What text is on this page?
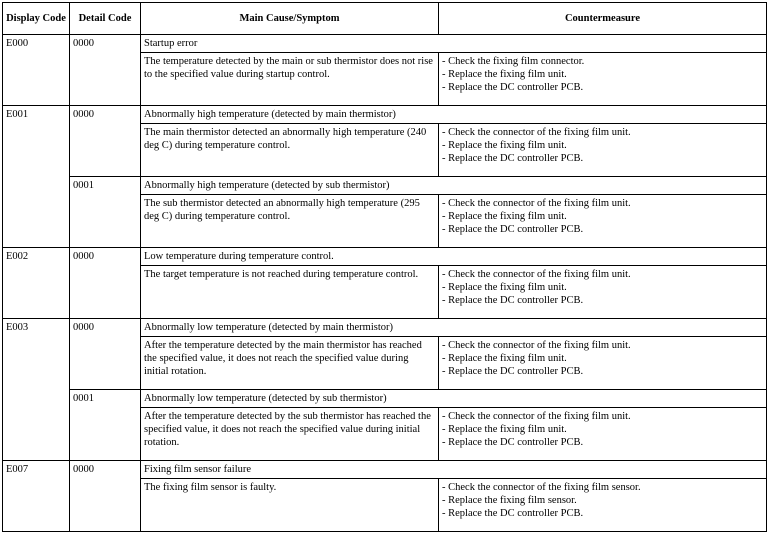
Display Code	Detail Code	Main Cause/Symptom	Countermeasure
E000	0000	Startup error	
		The temperature detected by the main or sub thermistor does not rise to the specified value during startup control.	- Check the fixing film connector.
- Replace the fixing film unit.
- Replace the DC controller PCB.

E001	0000	Abnormally high temperature (detected by main thermistor)	
		The main thermistor detected an abnormally high temperature (240 deg C) during temperature control.	- Check the connector of the fixing film unit.
- Replace the fixing film unit.
- Replace the DC controller PCB.

	0001	Abnormally high temperature (detected by sub thermistor)	
		The sub thermistor detected an abnormally high temperature (295 deg C) during temperature control.	- Check the connector of the fixing film unit.
- Replace the fixing film unit.
- Replace the DC controller PCB.

E002	0000	Low temperature during temperature control.	
		The target temperature is not reached during temperature control.	- Check the connector of the fixing film unit.
- Replace the fixing film unit.
- Replace the DC controller PCB.

E003	0000	Abnormally low temperature (detected by main thermistor)	
		After the temperature detected by the main thermistor has reached the specified value, it does not reach the specified value during initial rotation.	- Check the connector of the fixing film unit.
- Replace the fixing film unit.
- Replace the DC controller PCB.

	0001	Abnormally low temperature (detected by sub thermistor)	
		After the temperature detected by the sub thermistor has reached the specified value, it does not reach the specified value during initial rotation.	- Check the connector of the fixing film unit.
- Replace the fixing film unit.
- Replace the DC controller PCB.

E007	0000	Fixing film sensor failure	
		The fixing film sensor is faulty.	- Check the connector of the fixing film sensor.
- Replace the fixing film sensor.
- Replace the DC controller PCB.
